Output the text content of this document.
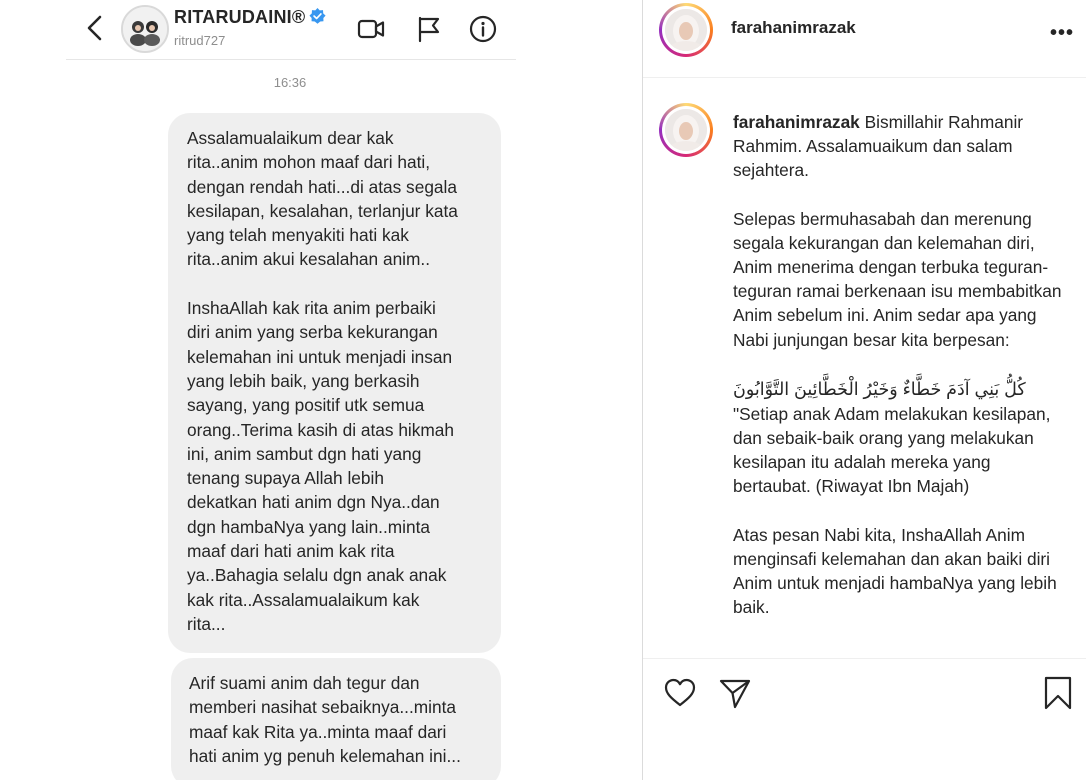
RITARUDAINI®
ritrud727
16:36
Assalamualaikum dear kak
rita..anim mohon maaf dari hati,
dengan rendah hati...di atas segala
kesilapan, kesalahan, terlanjur kata
yang telah menyakiti hati kak
rita..anim akui kesalahan anim..

InshaAllah kak rita anim perbaiki
diri anim yang serba kekurangan
kelemahan ini untuk menjadi insan
yang lebih baik, yang berkasih
sayang, yang positif utk semua
orang..Terima kasih di atas hikmah
ini, anim sambut dgn hati yang
tenang supaya Allah lebih
dekatkan hati anim dgn Nya..dan
dgn hambaNya yang lain..minta
maaf dari hati anim kak rita
ya..Bahagia selalu dgn anak anak
kak rita..Assalamualaikum kak
rita...
Arif suami anim dah tegur dan
memberi nasihat sebaiknya...minta
maaf kak Rita ya..minta maaf dari
hati anim yg penuh kelemahan ini...
farahanimrazak	•••

farahanimrazak Bismillahir Rahmanir Rahmim. Assalamuaikum dan salam sejahtera.

Selepas bermuhasabah dan merenung segala kekurangan dan kelemahan diri, Anim menerima dengan terbuka teguran-teguran ramai berkenaan isu membabitkan Anim sebelum ini. Anim sedar apa yang Nabi junjungan besar kita berpesan:

كُلُّ بَنِي آدَمَ خَطَّاءٌ وَخَيْرُ الْخَطَّائِينَ التَّوَّابُونَ

"Setiap anak Adam melakukan kesilapan, dan sebaik-baik orang yang melakukan kesilapan itu adalah mereka yang bertaubat. (Riwayat Ibn Majah)

Atas pesan Nabi kita, InshaAllah Anim menginsafi kelemahan dan akan baiki diri Anim untuk menjadi hambaNya yang lebih baik.
